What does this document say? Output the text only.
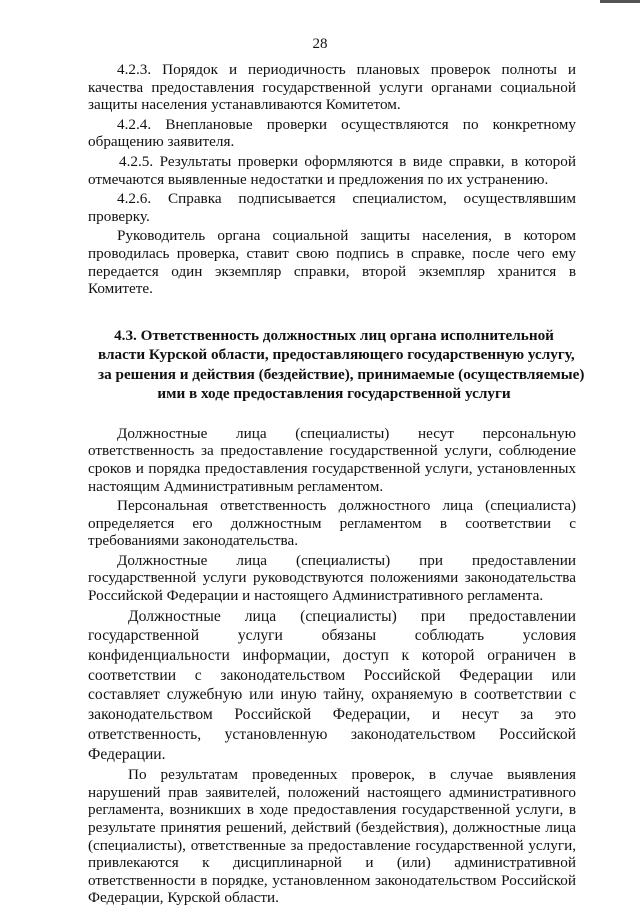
28

4.2.3. Порядок и периодичность плановых проверок полноты и качества предоставления государственной услуги органами социальной защиты населения устанавливаются Комитетом.

4.2.4. Внеплановые проверки осуществляются по конкретному обращению заявителя.

4.2.5. Результаты проверки оформляются в виде справки, в которой отмечаются выявленные недостатки и предложения по их устранению.

4.2.6. Справка подписывается специалистом, осуществлявшим проверку.

Руководитель органа социальной защиты населения, в котором проводилась проверка, ставит свою подпись в справке, после чего ему передается один экземпляр справки, второй экземпляр хранится в Комитете.

4.3. Ответственность должностных лиц органа исполнительной
власти Курской области, предоставляющего государственную услугу,
за решения и действия (бездействие), принимаемые (осуществляемые)
ими в ходе предоставления государственной услуги

Должностные лица (специалисты) несут персональную ответственность за предоставление государственной услуги, соблюдение сроков и порядка предоставления государственной услуги, установленных настоящим Административным регламентом.

Персональная ответственность должностного лица (специалиста) определяется его должностным регламентом в соответствии с требованиями законодательства.

Должностные лица (специалисты) при предоставлении государственной услуги руководствуются положениями законодательства Российской Федерации и настоящего Административного регламента.

Должностные лица (специалисты) при предоставлении государственной услуги обязаны соблюдать условия конфиденциальности информации, доступ к которой ограничен в соответствии с законодательством Российской Федерации или составляет служебную или иную тайну, охраняемую в соответствии с законодательством Российской Федерации, и несут за это ответственность, установленную законодательством Российской Федерации.

По результатам проведенных проверок, в случае выявления нарушений прав заявителей, положений настоящего административного регламента, возникших в ходе предоставления государственной услуги, в результате принятия решений, действий (бездействия), должностные лица (специалисты), ответственные за предоставление государственной услуги, привлекаются к дисциплинарной и (или) административной ответственности в порядке, установленном законодательством Российской Федерации, Курской области.
